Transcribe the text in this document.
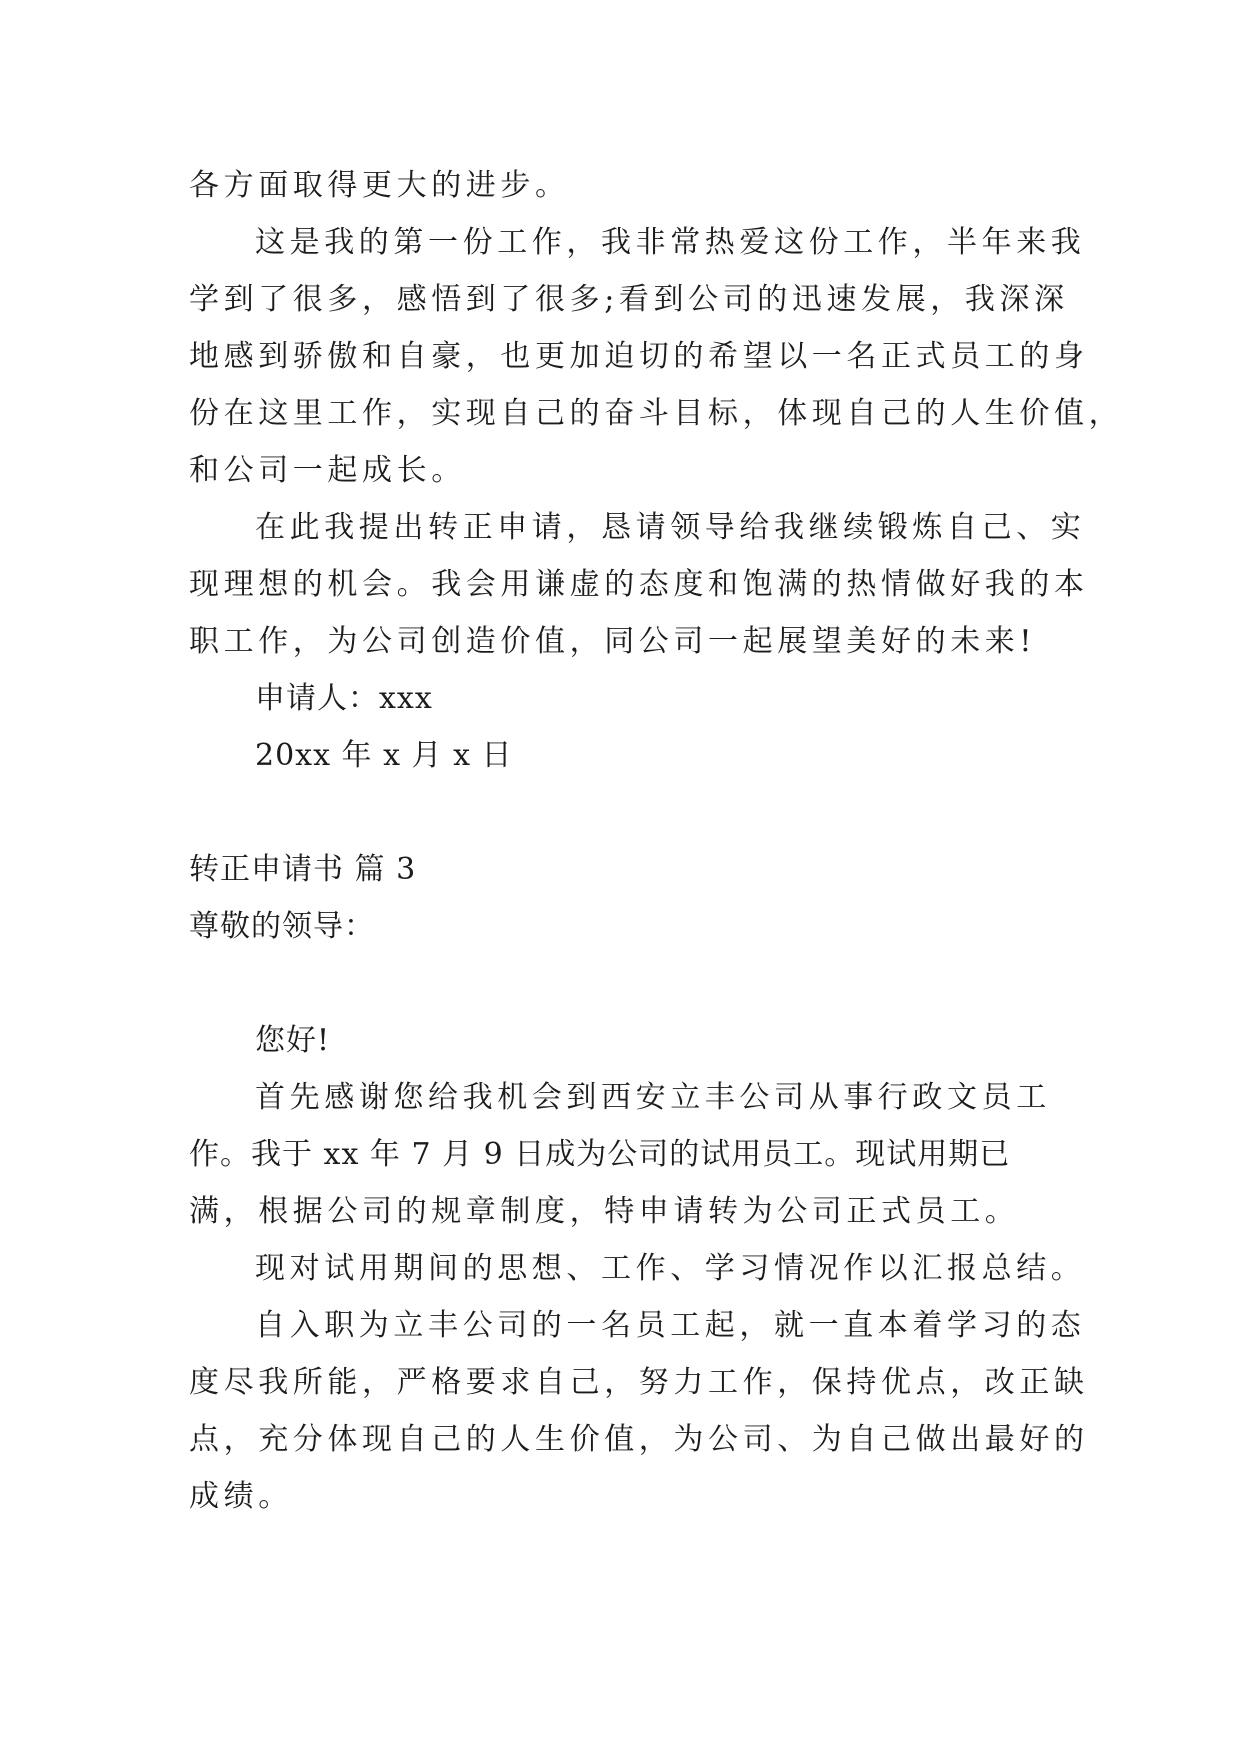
各方面取得更大的进步。

这是我的第一份工作，我非常热爱这份工作，半年来我

学到了很多，感悟到了很多;看到公司的迅速发展，我深深

地感到骄傲和自豪，也更加迫切的希望以一名正式员工的身

份在这里工作，实现自己的奋斗目标，体现自己的人生价值，

和公司一起成长。

在此我提出转正申请，恳请领导给我继续锻炼自己、实

现理想的机会。我会用谦虚的态度和饱满的热情做好我的本

职工作，为公司创造价值，同公司一起展望美好的未来!

申请人：xxx

20xx 年 x 月 x 日

转正申请书 篇 3

尊敬的领导：

您好!

首先感谢您给我机会到西安立丰公司从事行政文员工

作。我于 xx 年 7 月 9 日成为公司的试用员工。现试用期已

满，根据公司的规章制度，特申请转为公司正式员工。

现对试用期间的思想、工作、学习情况作以汇报总结。

自入职为立丰公司的一名员工起，就一直本着学习的态

度尽我所能，严格要求自己，努力工作，保持优点，改正缺

点，充分体现自己的人生价值，为公司、为自己做出最好的

成绩。
